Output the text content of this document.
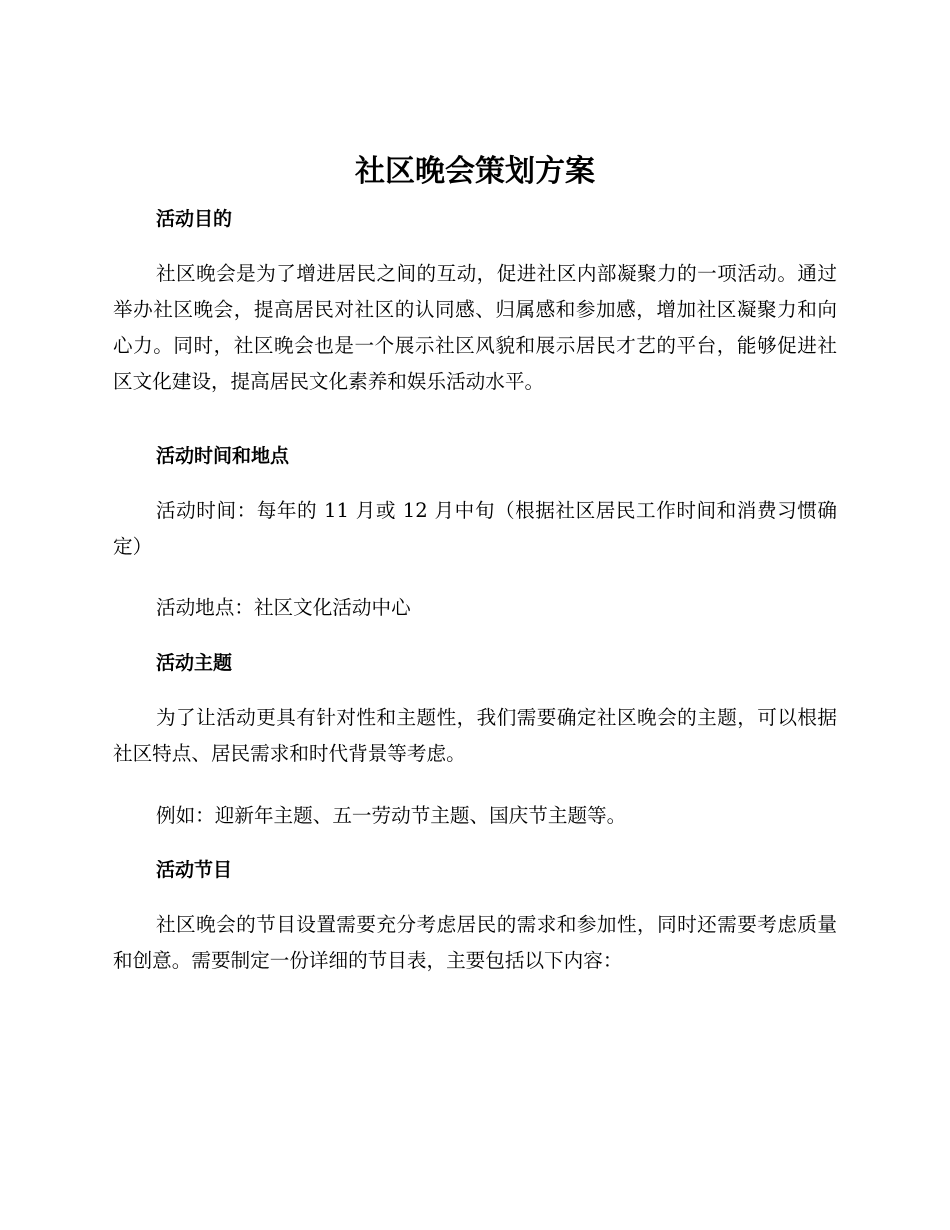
社区晚会策划方案
活动目的

社区晚会是为了增进居民之间的互动，促进社区内部凝聚力的一项活动。通过举办社区晚会，提高居民对社区的认同感、归属感和参加感，增加社区凝聚力和向心力。同时，社区晚会也是一个展示社区风貌和展示居民才艺的平台，能够促进社区文化建设，提高居民文化素养和娱乐活动水平。

活动时间和地点

活动时间：每年的 11 月或 12 月中旬（根据社区居民工作时间和消费习惯确定）

活动地点：社区文化活动中心

活动主题

为了让活动更具有针对性和主题性，我们需要确定社区晚会的主题，可以根据社区特点、居民需求和时代背景等考虑。

例如：迎新年主题、五一劳动节主题、国庆节主题等。

活动节目

社区晚会的节目设置需要充分考虑居民的需求和参加性，同时还需要考虑质量和创意。需要制定一份详细的节目表，主要包括以下内容：
